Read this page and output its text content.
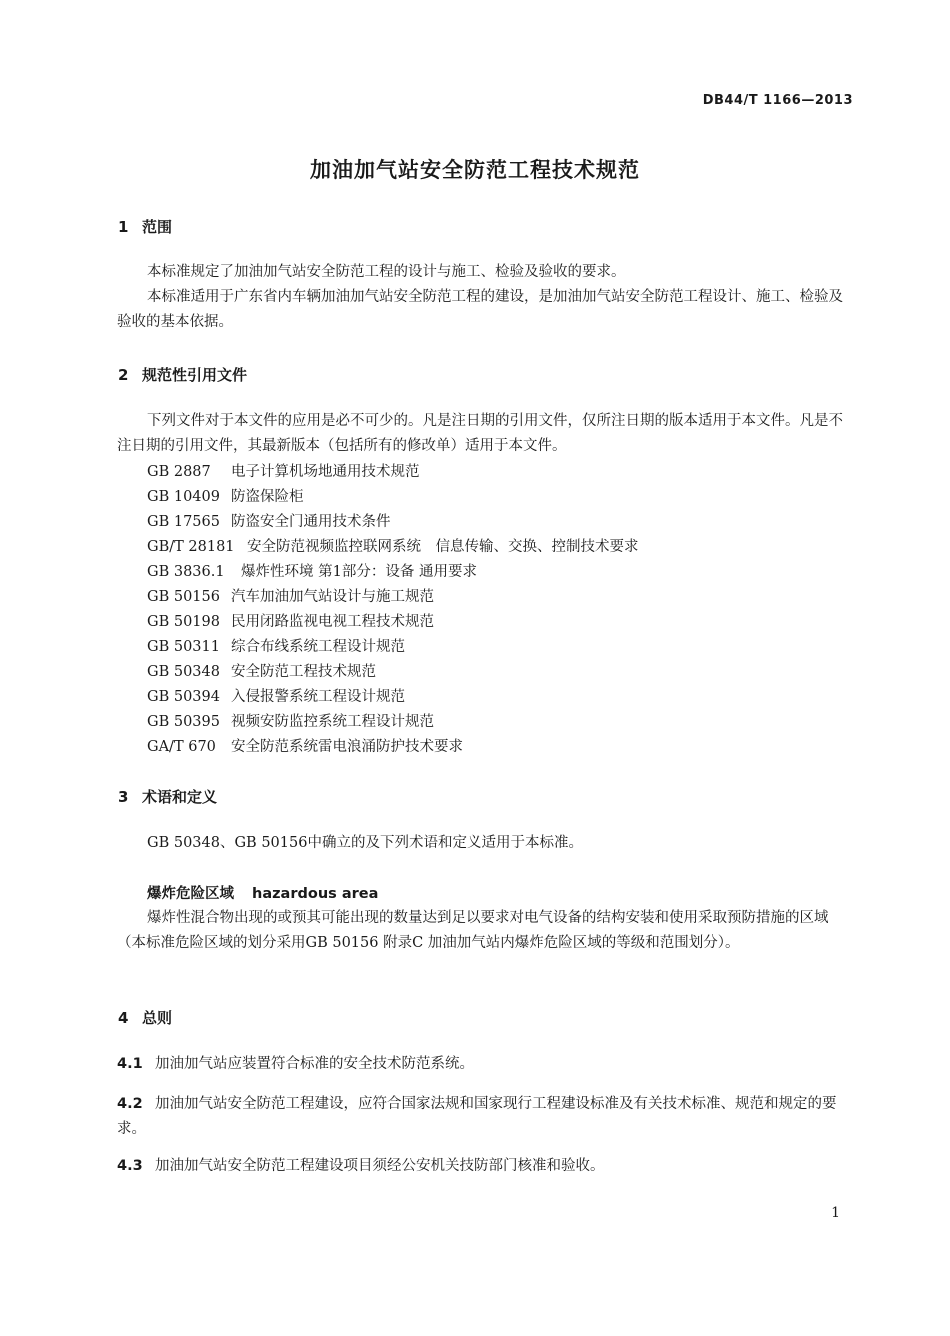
DB44/T 1166—2013
加油加气站安全防范工程技术规范
1 范围
本标准规定了加油加气站安全防范工程的设计与施工、检验及验收的要求。
本标准适用于广东省内车辆加油加气站安全防范工程的建设，是加油加气站安全防范工程设计、施工、检验及验收的基本依据。
2 规范性引用文件
下列文件对于本文件的应用是必不可少的。凡是注日期的引用文件，仅所注日期的版本适用于本文件。凡是不注日期的引用文件，其最新版本（包括所有的修改单）适用于本文件。
GB 2887 电子计算机场地通用技术规范
GB 10409 防盗保险柜
GB 17565 防盗安全门通用技术条件
GB/T 28181 安全防范视频监控联网系统　信息传输、交换、控制技术要求
GB 3836.1 爆炸性环境 第1部分：设备 通用要求
GB 50156 汽车加油加气站设计与施工规范
GB 50198 民用闭路监视电视工程技术规范
GB 50311 综合布线系统工程设计规范
GB 50348 安全防范工程技术规范
GB 50394 入侵报警系统工程设计规范
GB 50395 视频安防监控系统工程设计规范
GA/T 670 安全防范系统雷电浪涌防护技术要求
3 术语和定义
GB 50348、GB 50156中确立的及下列术语和定义适用于本标准。
爆炸危险区域 hazardous area
爆炸性混合物出现的或预其可能出现的数量达到足以要求对电气设备的结构安装和使用采取预防措施的区域（本标准危险区域的划分采用GB 50156 附录C 加油加气站内爆炸危险区域的等级和范围划分）。
4 总则
4.1 加油加气站应装置符合标准的安全技术防范系统。
4.2 加油加气站安全防范工程建设，应符合国家法规和国家现行工程建设标准及有关技术标准、规范和规定的要求。
4.3 加油加气站安全防范工程建设项目须经公安机关技防部门核准和验收。
1
